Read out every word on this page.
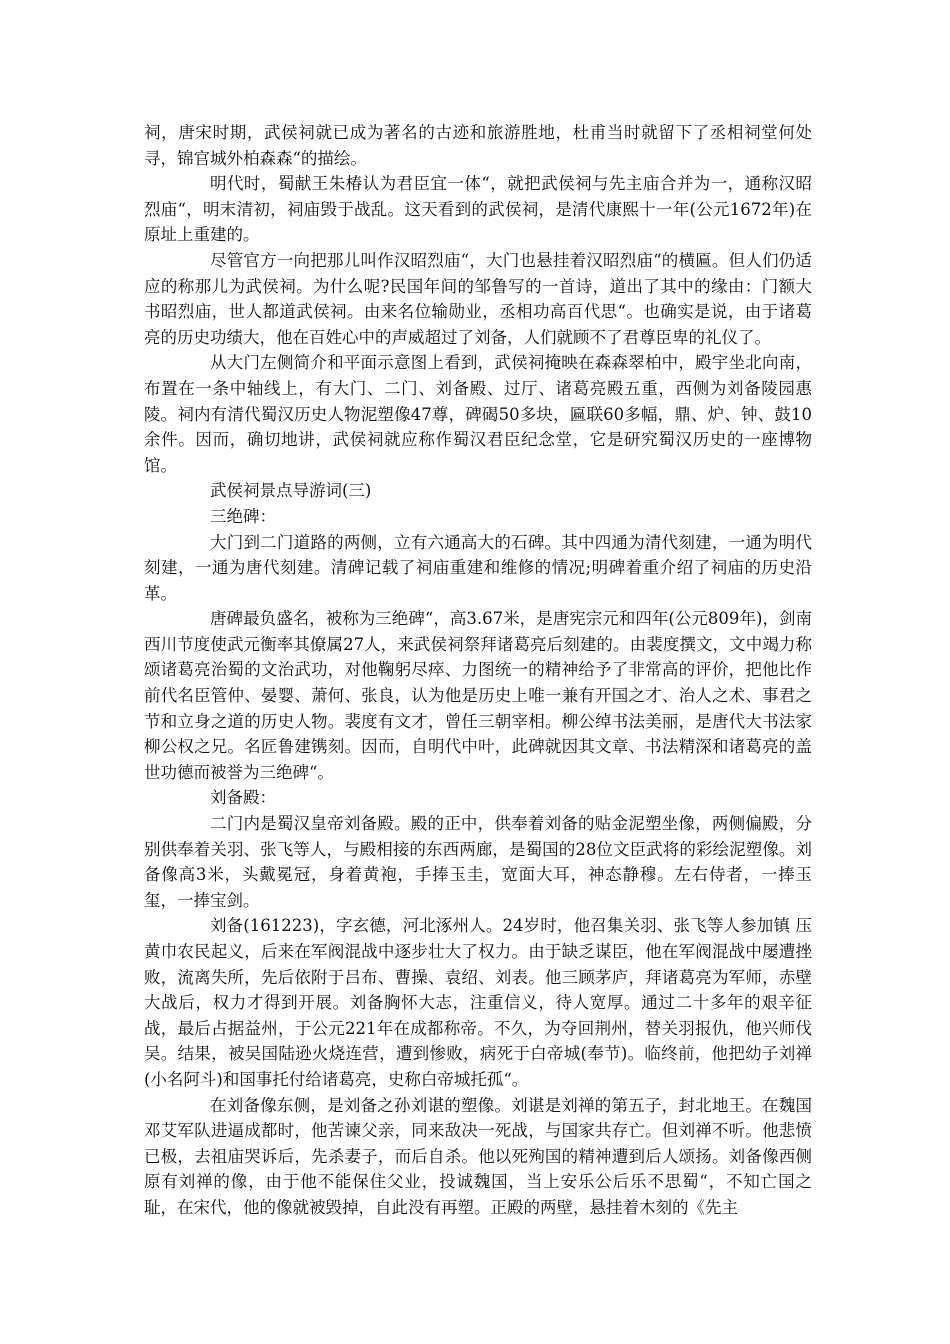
祠，唐宋时期，武侯祠就已成为著名的古迹和旅游胜地，杜甫当时就留下了丞相祠堂何处寻，锦官城外柏森森“的描绘。

明代时，蜀献王朱椿认为君臣宜一体“，就把武侯祠与先主庙合并为一，通称汉昭烈庙“，明末清初，祠庙毁于战乱。这天看到的武侯祠，是清代康熙十一年(公元1672年)在原址上重建的。

尽管官方一向把那儿叫作汉昭烈庙“，大门也悬挂着汉昭烈庙“的横匾。但人们仍适应的称那儿为武侯祠。为什么呢?民国年间的邹鲁写的一首诗，道出了其中的缘由：门额大书昭烈庙，世人都道武侯祠。由来名位输勋业，丞相功高百代思“。也确实是说，由于诸葛亮的历史功绩大，他在百姓心中的声威超过了刘备，人们就顾不了君尊臣卑的礼仪了。

从大门左侧简介和平面示意图上看到，武侯祠掩映在森森翠柏中，殿宇坐北向南，布置在一条中轴线上，有大门、二门、刘备殿、过厅、诸葛亮殿五重，西侧为刘备陵园惠陵。祠内有清代蜀汉历史人物泥塑像47尊，碑碣50多块，匾联60多幅，鼎、炉、钟、鼓10余件。因而，确切地讲，武侯祠就应称作蜀汉君臣纪念堂，它是研究蜀汉历史的一座博物馆。

武侯祠景点导游词(三)

三绝碑：

大门到二门道路的两侧，立有六通高大的石碑。其中四通为清代刻建，一通为明代刻建，一通为唐代刻建。清碑记载了祠庙重建和维修的情况;明碑着重介绍了祠庙的历史沿革。

唐碑最负盛名，被称为三绝碑“，高3.67米，是唐宪宗元和四年(公元809年)，剑南西川节度使武元衡率其僚属27人，来武侯祠祭拜诸葛亮后刻建的。由裴度撰文，文中竭力称颂诸葛亮治蜀的文治武功，对他鞠躬尽瘁、力图统一的精神给予了非常高的评价，把他比作前代名臣管仲、晏婴、萧何、张良，认为他是历史上唯一兼有开国之才、治人之术、事君之节和立身之道的历史人物。裴度有文才，曾任三朝宰相。柳公绰书法美丽，是唐代大书法家柳公权之兄。名匠鲁建镌刻。因而，自明代中叶，此碑就因其文章、书法精深和诸葛亮的盖世功德而被誉为三绝碑“。

刘备殿：

二门内是蜀汉皇帝刘备殿。殿的正中，供奉着刘备的贴金泥塑坐像，两侧偏殿，分别供奉着关羽、张飞等人，与殿相接的东西两廊，是蜀国的28位文臣武将的彩绘泥塑像。刘备像高3米，头戴冕冠，身着黄袍，手捧玉圭，宽面大耳，神态静穆。左右侍者，一捧玉玺，一捧宝剑。

刘备(161223)，字玄德，河北涿州人。24岁时，他召集关羽、张飞等人参加镇 压黄巾农民起义，后来在军阀混战中逐步壮大了权力。由于缺乏谋臣，他在军阀混战中屡遭挫败，流离失所，先后依附于吕布、曹操、袁绍、刘表。他三顾茅庐，拜诸葛亮为军师，赤壁大战后，权力才得到开展。刘备胸怀大志，注重信义，待人宽厚。通过二十多年的艰辛征战，最后占据益州，于公元221年在成都称帝。不久，为夺回荆州，替关羽报仇，他兴师伐吴。结果，被吴国陆逊火烧连营，遭到惨败，病死于白帝城(奉节)。临终前，他把幼子刘禅(小名阿斗)和国事托付给诸葛亮，史称白帝城托孤“。

在刘备像东侧，是刘备之孙刘谌的塑像。刘谌是刘禅的第五子，封北地王。在魏国邓艾军队进逼成都时，他苦谏父亲，同来敌决一死战，与国家共存亡。但刘禅不听。他悲愤已极，去祖庙哭诉后，先杀妻子，而后自杀。他以死殉国的精神遭到后人颂扬。刘备像西侧原有刘禅的像，由于他不能保住父业，投诚魏国，当上安乐公后乐不思蜀“，不知亡国之耻，在宋代，他的像就被毁掉，自此没有再塑。正殿的两壁，悬挂着木刻的《先主
